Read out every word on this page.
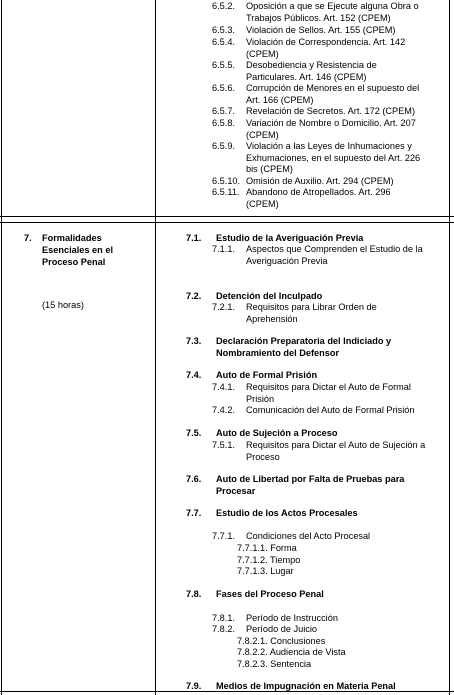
6.5.2. Oposición a que se Ejecute alguna Obra o
Trabajos Públicos. Art. 152 (CPEM)
6.5.3. Violación de Sellos. Art. 155 (CPEM)
6.5.4. Violación de Correspondencia. Art. 142
(CPEM)
6.5.5. Desobediencia y Resistencia de
Particulares. Art. 146 (CPEM)
6.5.6. Corrupción de Menores en el supuesto del
Art. 166 (CPEM)
6.5.7. Revelación de Secretos. Art. 172 (CPEM)
6.5.8. Variación de Nombre o Domicilio. Art. 207
(CPEM)
6.5.9. Violación a las Leyes de Inhumaciones y
Exhumaciones, en el supuesto del Art. 226
bis (CPEM)
6.5.10. Omisión de Auxilio. Art. 294 (CPEM)
6.5.11. Abandono de Atropellados. Art. 296
(CPEM)
7. Formalidades
Esenciales en el
Proceso Penal
(15 horas)
7.1. Estudio de la Averiguación Previa
7.1.1. Aspectos que Comprenden el Estudio de la
Averiguación Previa
7.2. Detención del Inculpado
7.2.1. Requisitos para Librar Orden de
Aprehensión
7.3. Declaración Preparatoria del Indiciado y
Nombramiento del Defensor
7.4. Auto de Formal Prisión
7.4.1. Requisitos para Dictar el Auto de Formal
Prisión
7.4.2. Comunicación del Auto de Formal Prisión
7.5. Auto de Sujeción a Proceso
7.5.1. Requisitos para Dictar el Auto de Sujeción a
Proceso
7.6. Auto de Libertad por Falta de Pruebas para
Procesar
7.7. Estudio de los Actos Procesales
7.7.1. Condiciones del Acto Procesal
7.7.1.1. Forma
7.7.1.2. Tiempo
7.7.1.3. Lugar
7.8. Fases del Proceso Penal
7.8.1. Período de Instrucción
7.8.2. Período de Juicio
7.8.2.1. Conclusiones
7.8.2.2. Audiencia de Vista
7.8.2.3. Sentencia
7.9. Medios de Impugnación en Materia Penal
